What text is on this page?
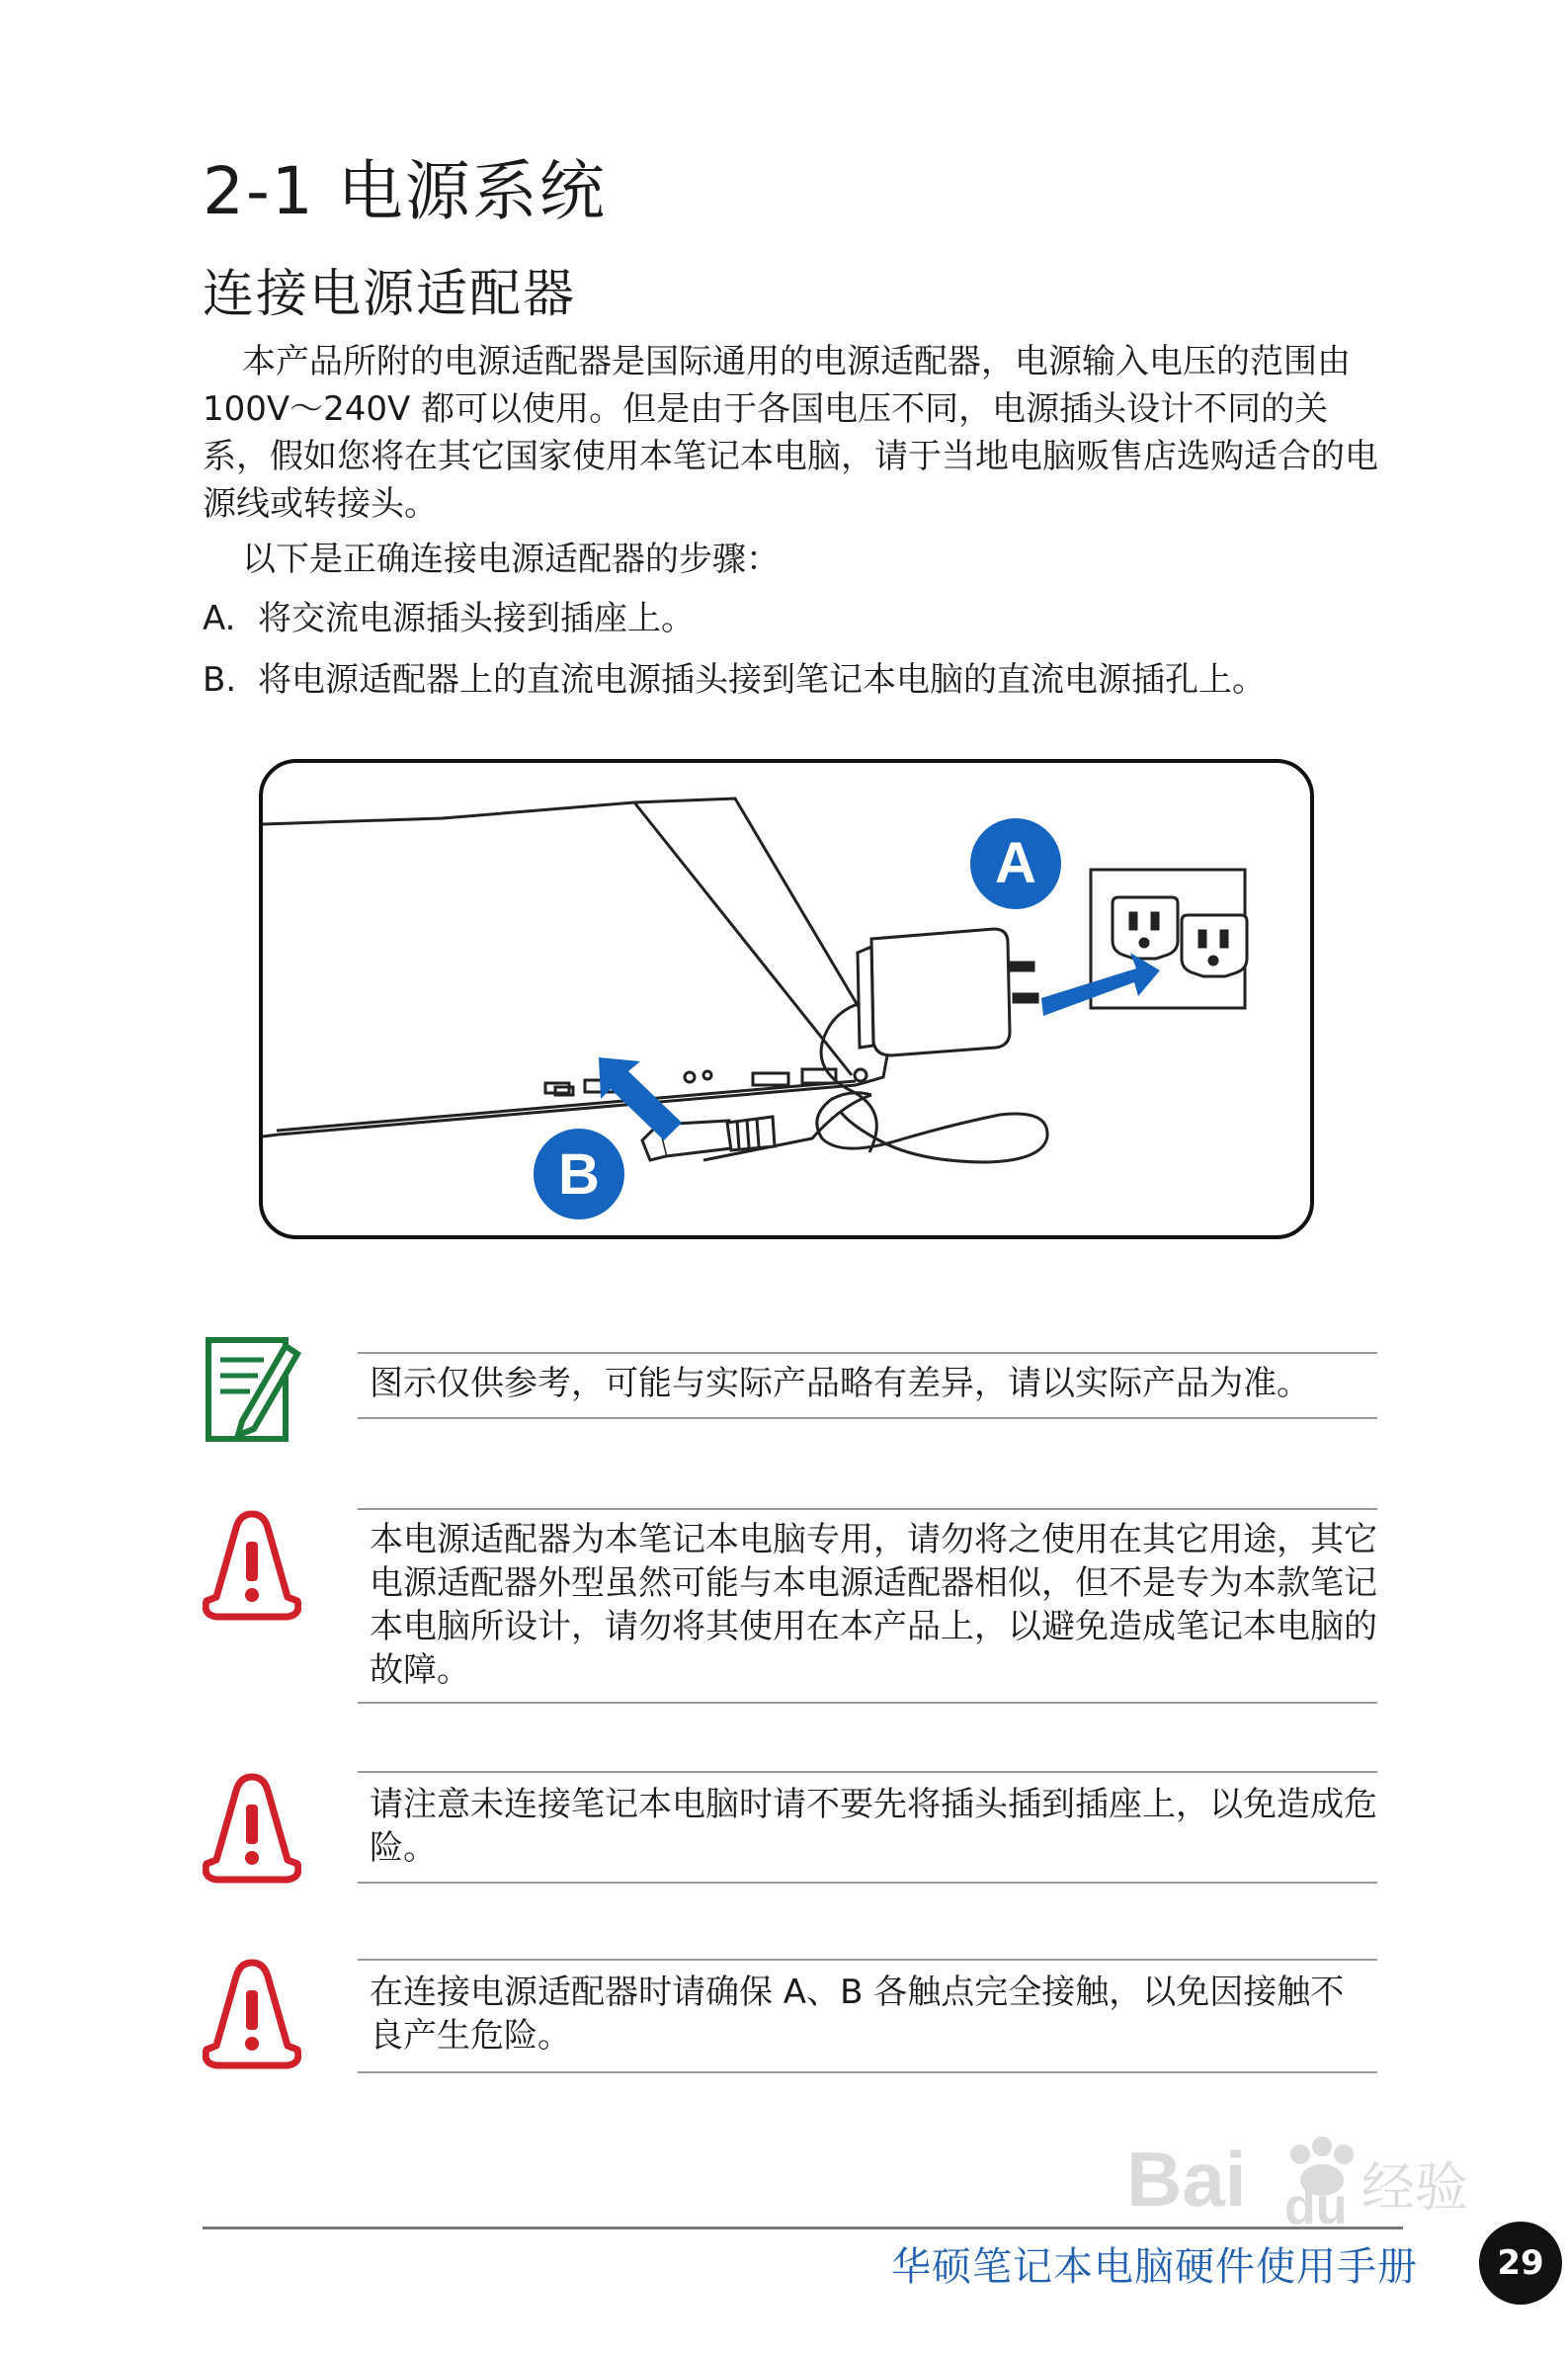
2-1 电源系统
连接电源适配器
本产品所附的电源适配器是国际通用的电源适配器，电源输入电压的范围由 100V～240V 都可以使用。但是由于各国电压不同，电源插头设计不同的关系，假如您将在其它国家使用本笔记本电脑，请于当地电脑贩售店选购适合的电源线或转接头。
以下是正确连接电源适配器的步骤：
A. 将交流电源插头接到插座上。
B. 将电源适配器上的直流电源插头接到笔记本电脑的直流电源插孔上。
A
B
图示仅供参考，可能与实际产品略有差异，请以实际产品为准。
本电源适配器为本笔记本电脑专用，请勿将之使用在其它用途，其它电源适配器外型虽然可能与本电源适配器相似，但不是专为本款笔记本电脑所设计，请勿将其使用在本产品上，以避免造成笔记本电脑的故障。
请注意未连接笔记本电脑时请不要先将插头插到插座上，以免造成危险。
在连接电源适配器时请确保 A、B 各触点完全接触，以免因接触不良产生危险。
Bai du 经验
华硕笔记本电脑硬件使用手册	29
